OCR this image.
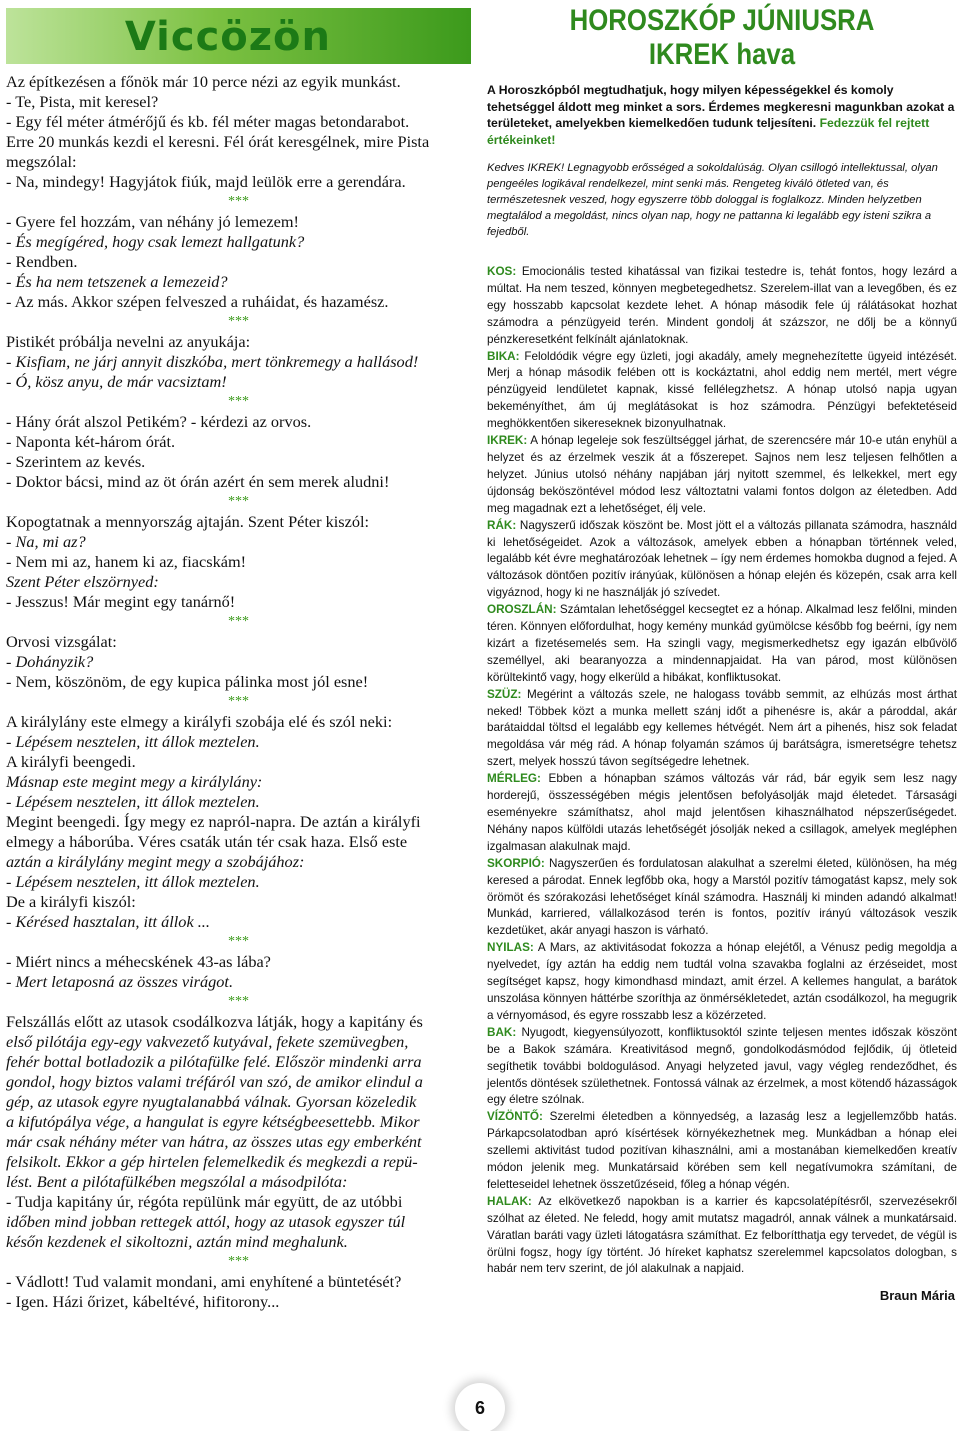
Viccözön
Az építkezésen a főnök már 10 perce nézi az egyik munkást.
- Te, Pista, mit keresel?
- Egy fél méter átmérőjű és kb. fél méter magas betondarabot.
Erre 20 munkás kezdi el keresni. Fél órát keresgélnek, mire Pista
megszólal:
- Na, mindegy! Hagyjátok fiúk, majd leülök erre a gerendára.
***
- Gyere fel hozzám, van néhány jó lemezem!
- És megígéred, hogy csak lemezt hallgatunk?
- Rendben.
- És ha nem tetszenek a lemezeid?
- Az más. Akkor szépen felveszed a ruháidat, és hazamész.
***
Pistikét próbálja nevelni az anyukája:
- Kisfiam, ne járj annyit diszkóba, mert tönkremegy a hallásod!
- Ó, kösz anyu, de már vacsiztam!
***
- Hány órát alszol Petikém? - kérdezi az orvos.
- Naponta két-három órát.
- Szerintem az kevés.
- Doktor bácsi, mind az öt órán azért én sem merek aludni!
***
Kopogtatnak a mennyország ajtaján. Szent Péter kiszól:
- Na, mi az?
- Nem mi az, hanem ki az, fiacskám!
Szent Péter elszörnyed:
- Jesszus! Már megint egy tanárnő!
***
Orvosi vizsgálat:
- Dohányzik?
- Nem, köszönöm, de egy kupica pálinka most jól esne!
***
A királylány este elmegy a királyfi szobája elé és szól neki:
- Lépésem nesztelen, itt állok meztelen.
A királyfi beengedi.
Másnap este megint megy a királylány:
- Lépésem nesztelen, itt állok meztelen.
Megint beengedi. Így megy ez napról-napra. De aztán a királyfi
elmegy a háborúba. Véres csaták után tér csak haza. Első este
aztán a királylány megint megy a szobájához:
- Lépésem nesztelen, itt állok meztelen.
De a királyfi kiszól:
- Kérésed hasztalan, itt állok ...
***
- Miért nincs a méhecskének 43-as lába?
- Mert letaposná az összes virágot.
***
Felszállás előtt az utasok csodálkozva látják, hogy a kapitány és
első pilótája egy-egy vakvezető kutyával, fekete szemüvegben,
fehér bottal botladozik a pilótafülke felé. Először mindenki arra
gondol, hogy biztos valami tréfáról van szó, de amikor elindul a
gép, az utasok egyre nyugtalanabbá válnak. Gyorsan közeledik
a kifutópálya vége, a hangulat is egyre kétségbeesettebb. Mikor
már csak néhány méter van hátra, az összes utas egy emberként
felsikolt. Ekkor a gép hirtelen felemelkedik és megkezdi a repü-
lést. Bent a pilótafülkében megszólal a másodpilóta:
- Tudja kapitány úr, régóta repülünk már együtt, de az utóbbi
időben mind jobban rettegek attól, hogy az utasok egyszer túl
későn kezdenek el sikoltozni, aztán mind meghalunk.
***
- Vádlott! Tud valamit mondani, ami enyhítené a büntetését?
- Igen. Házi őrizet, kábeltévé, hifitorony...
HOROSZKÓP JÚNIUSRA
IKREK hava
A Horoszkópból megtudhatjuk, hogy milyen képességekkel és komoly tehetséggel áldott meg minket a sors. Érdemes megkeresni magunkban azokat a területeket, amelyekben kiemelkedően tudunk teljesíteni. Fedezzük fel rejtett értékeinket!
Kedves IKREK! Legnagyobb erősséged a sokoldalúság. Olyan csillogó intellektussal, olyan pengeéles logikával rendelkezel, mint senki más. Rengeteg kiváló ötleted van, és természetesnek veszed, hogy egyszerre több dologgal is foglalkozz. Minden helyzetben megtalálod a megoldást, nincs olyan nap, hogy ne pattanna ki legalább egy isteni szikra a fejedből.
KOS: Emocionális tested kihatással van fizikai testedre is, tehát fontos, hogy lezárd a múltat. Ha nem teszed, könnyen megbetegedhetsz. Szerelem-illat van a levegőben, és ez egy hosszabb kapcsolat kezdete lehet. A hónap második fele új rálátásokat hozhat számodra a pénzügyeid terén. Mindent gondolj át százszor, ne dőlj be a könnyű pénzkeresetként felkínált ajánlatoknak.
BIKA: Feloldódik végre egy üzleti, jogi akadály, amely megnehezítette ügyeid intézését. Merj a hónap második felében ott is kockáztatni, ahol eddig nem mertél, mert végre pénzügyeid lendületet kapnak, kissé fellélegzhetsz. A hónap utolsó napja ugyan bekeményíthet, ám új meglátásokat is hoz számodra. Pénzügyi befektetéseid meghökkentően sikereseknek bizonyulhatnak.
IKREK: A hónap legeleje sok feszültséggel járhat, de szerencsére már 10-e után enyhül a helyzet és az érzelmek veszik át a főszerepet. Sajnos nem lesz teljesen felhőtlen a helyzet. Június utolsó néhány napjában járj nyitott szemmel, és lelkekkel, mert egy újdonság beköszöntével módod lesz változtatni valami fontos dolgon az életedben. Add meg magadnak ezt a lehetőséget, élj vele.
RÁK: Nagyszerű időszak köszönt be. Most jött el a változás pillanata számodra, használd ki lehetőségeidet. Azok a változások, amelyek ebben a hónapban történnek veled, legalább két évre meghatározóak lehetnek – így nem érdemes homokba dugnod a fejed. A változások döntően pozitív irányúak, különösen a hónap elején és közepén, csak arra kell vigyáznod, hogy ki ne használják jó szívedet.
OROSZLÁN: Számtalan lehetőséggel kecsegtet ez a hónap. Alkalmad lesz felőlni, minden téren. Könnyen előfordulhat, hogy kemény munkád gyümölcse később fog beérni, így nem kizárt a fizetésemelés sem. Ha szingli vagy, megismerkedhetsz egy igazán elbűvölő személlyel, aki bearanyozza a mindennapjaidat. Ha van párod, most különösen körültekintő vagy, hogy elkerüld a hibákat, konfliktusokat.
SZÜZ: Megérint a változás szele, ne halogass tovább semmit, az elhúzás most árthat neked! Többek közt a munka mellett szánj időt a pihenésre is, akár a pároddal, akár barátaiddal töltsd el legalább egy kellemes hétvégét. Nem árt a pihenés, hisz sok feladat megoldása vár még rád. A hónap folyamán számos új barátságra, ismeretségre tehetsz szert, melyek hosszú távon segítségedre lehetnek.
MÉRLEG: Ebben a hónapban számos változás vár rád, bár egyik sem lesz nagy horderejű, összességében mégis jelentősen befolyásolják majd életedet. Társasági eseményekre számíthatsz, ahol majd jelentősen kihasználhatod népszerűségedet. Néhány napos külföldi utazás lehetőségét jósolják neked a csillagok, amelyek megléphen izgalmasan alakulnak majd.
SKORPIÓ: Nagyszerűen és fordulatosan alakulhat a szerelmi életed, különösen, ha még keresed a párodat. Ennek legfőbb oka, hogy a Marstól pozitív támogatást kapsz, mely sok örömöt és szórakozási lehetőséget kínál számodra. Használj ki minden adandó alkalmat! Munkád, karriered, vállalkozásod terén is fontos, pozitív irányú változások veszik kezdetüket, akár anyagi haszon is várható.
NYILAS: A Mars, az aktivitásodat fokozza a hónap elejétől, a Vénusz pedig megoldja a nyelvedet, így aztán ha eddig nem tudtál volna szavakba foglalni az érzéseidet, most segítséget kapsz, hogy kimondhasd mindazt, amit érzel. A kellemes hangulat, a barátok unszolása könnyen háttérbe szoríthja az önmérsékletedet, aztán csodálkozol, ha megugrik a vérnyomásod, és egyre rosszabb lesz a közérzeted.
BAK: Nyugodt, kiegyensúlyozott, konfliktusoktól szinte teljesen mentes időszak köszönt be a Bakok számára. Kreativitásod megnő, gondolkodásmódod fejlődik, új ötleteid segíthetik további boldogulásod. Anyagi helyzeted javul, vagy végleg rendeződhet, és jelentős döntések születhetnek. Fontossá válnak az érzelmek, a most kötendő házasságok egy életre szólnak.
VÍZÖNTŐ: Szerelmi életedben a könnyedség, a lazaság lesz a legjellemzőbb hatás. Párkapcsolatodban apró kísértések környékezhetnek meg. Munkádban a hónap elei szellemi aktivitást tudod pozitívan kihasználni, ami a mostanában kiemelkedően kreatív módon jelenik meg. Munkatársaid körében sem kell negatívumokra számítani, de feletteseidel lehetnek összetűzéseid, főleg a hónap végén.
HALAK: Az elkövetkező napokban is a karrier és kapcsolatépítésről, szervezésekről szólhat az életed. Ne feledd, hogy amit mutatsz magadról, annak válnek a munkatársaid. Váratlan baráti vagy üzleti látogatásra számíthat. Ez felborítthatja egy tervedet, de végül is örülni fogsz, hogy így történt. Jó híreket kaphatsz szerelemmel kapcsolatos dologban, s habár nem terv szerint, de jól alakulnak a napjaid.
Braun Mária
6
